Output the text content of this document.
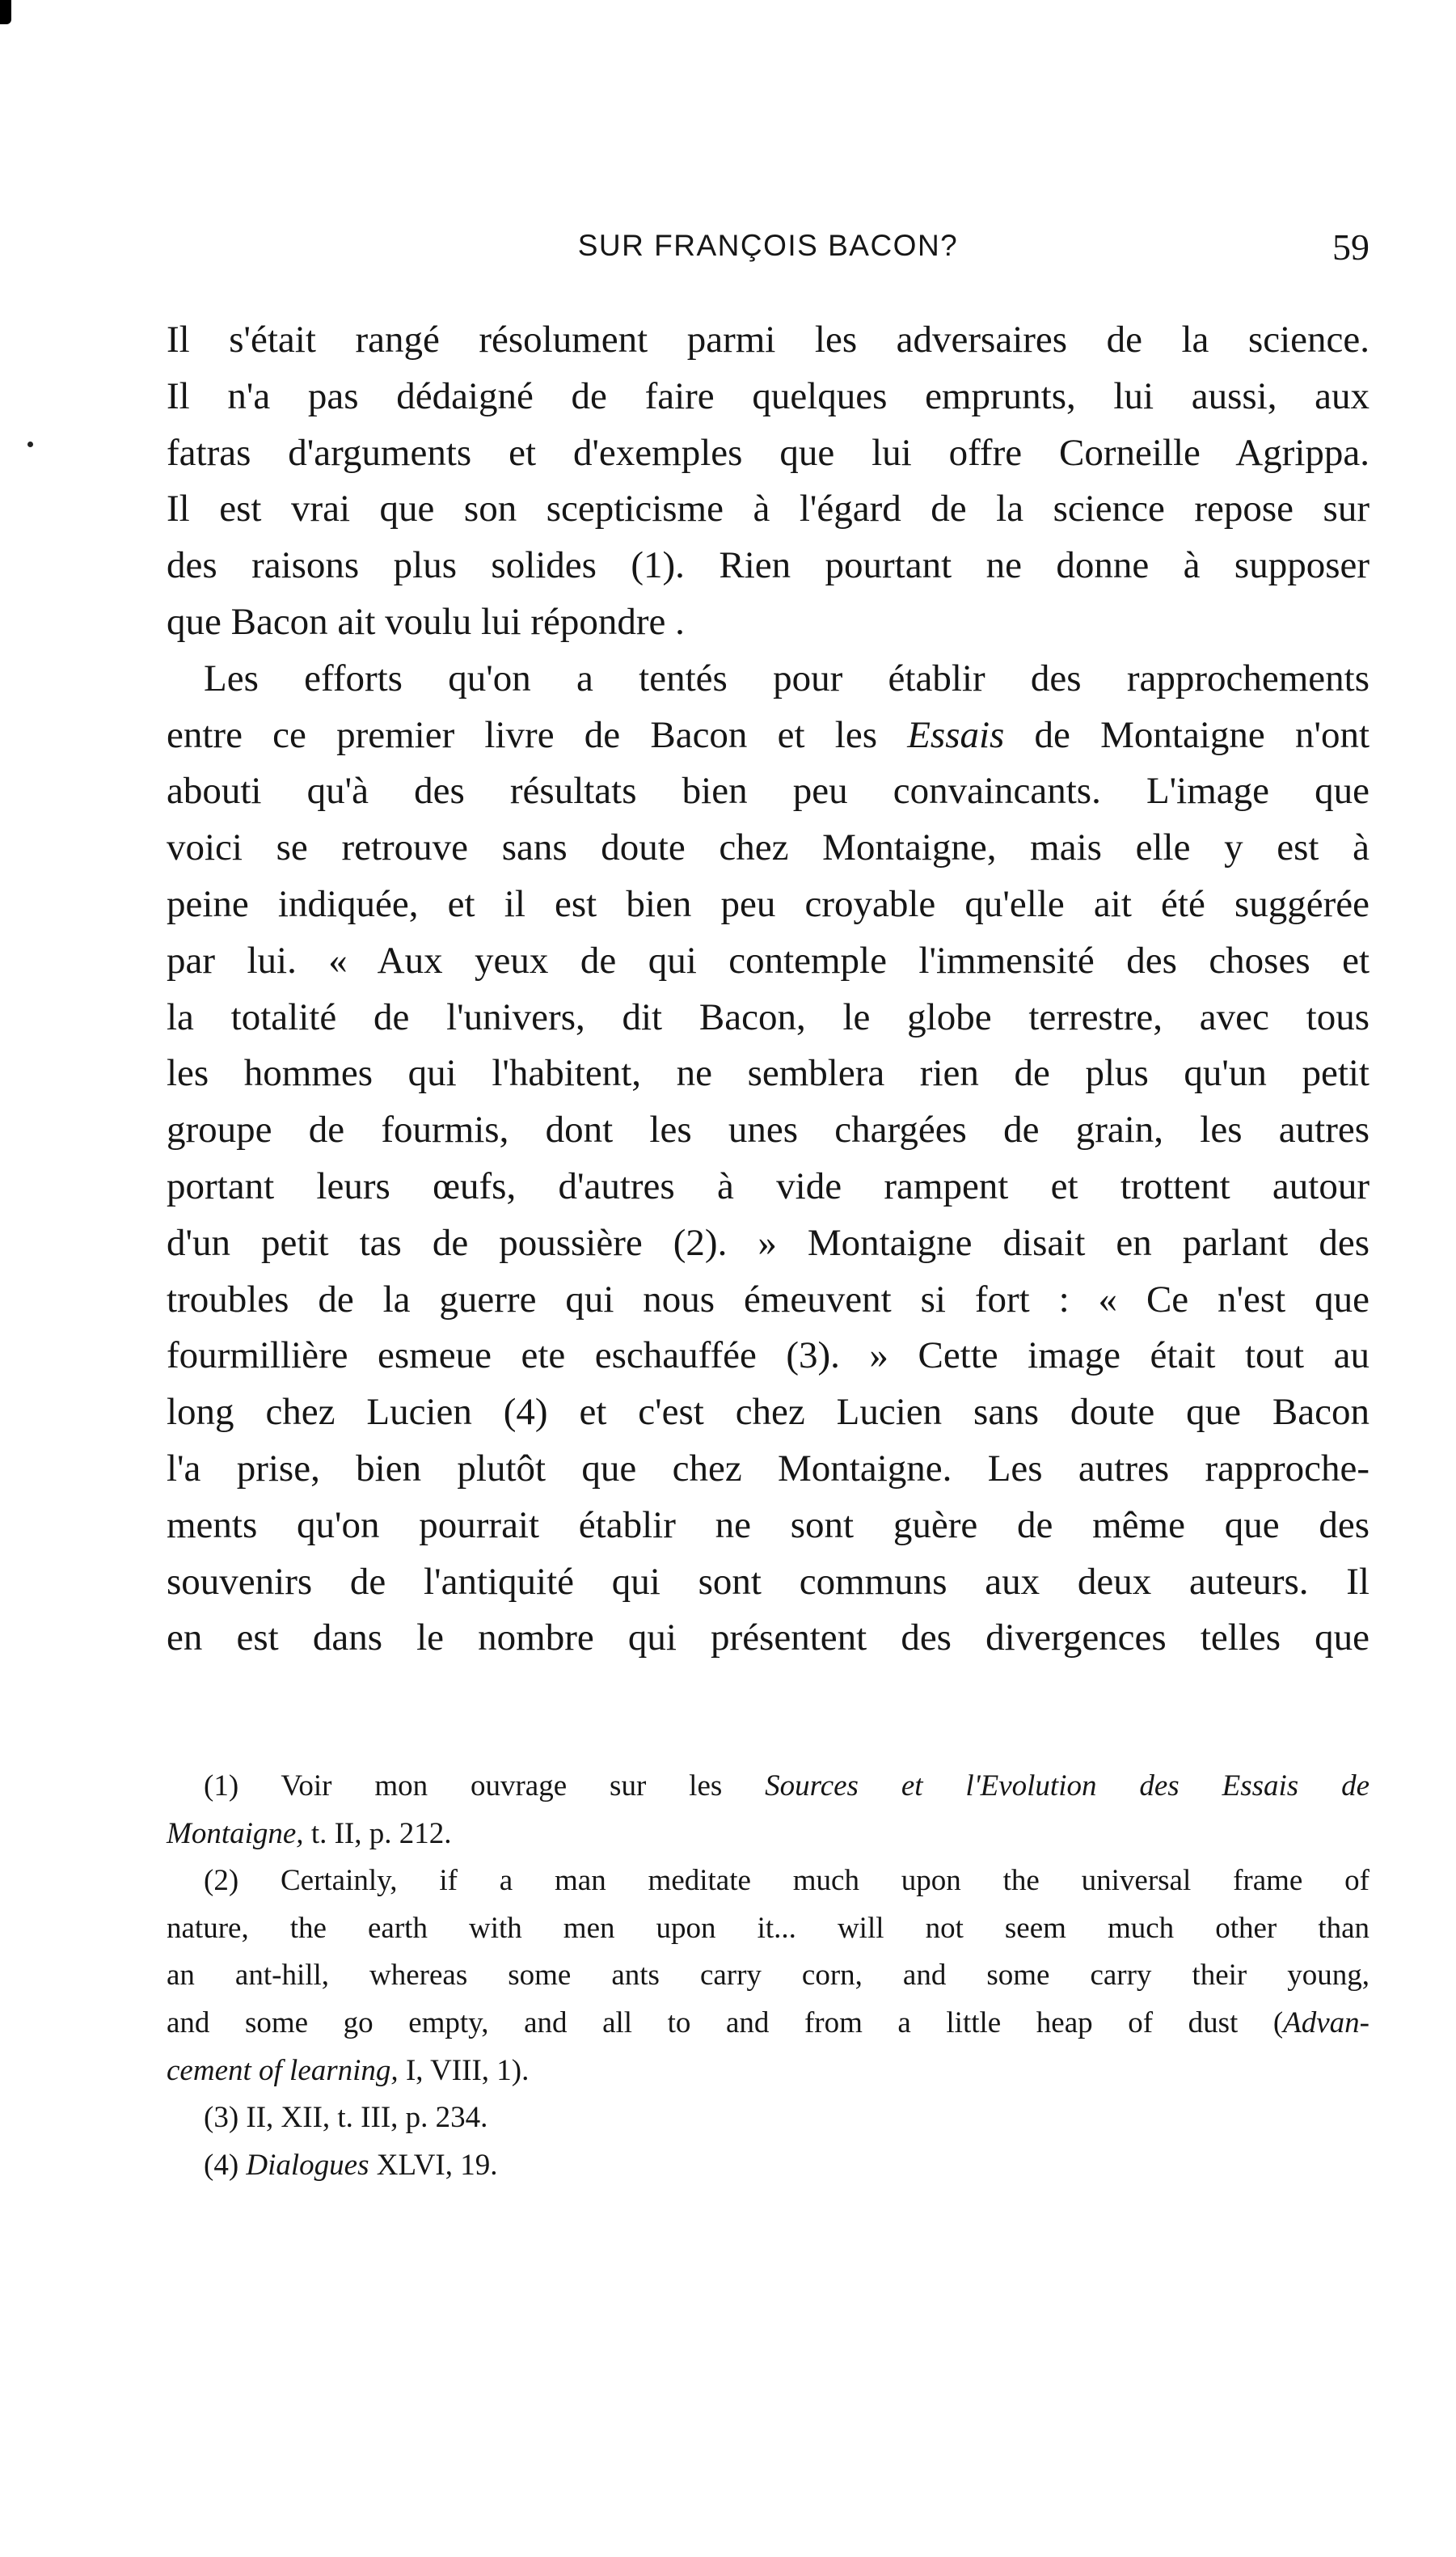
SUR FRANÇOIS BACON?	59
Il s'était rangé résolument parmi les adversaires de la science.
Il n'a pas dédaigné de faire quelques emprunts, lui aussi, aux
fatras d'arguments et d'exemples que lui offre Corneille Agrippa.
Il est vrai que son scepticisme à l'égard de la science repose sur
des raisons plus solides (1). Rien pourtant ne donne à supposer
que Bacon ait voulu lui répondre .
Les efforts qu'on a tentés pour établir des rapprochements
entre ce premier livre de Bacon et les Essais de Montaigne n'ont
abouti qu'à des résultats bien peu convaincants. L'image que
voici se retrouve sans doute chez Montaigne, mais elle y est à
peine indiquée, et il est bien peu croyable qu'elle ait été suggérée
par lui. « Aux yeux de qui contemple l'immensité des choses et
la totalité de l'univers, dit Bacon, le globe terrestre, avec tous
les hommes qui l'habitent, ne semblera rien de plus qu'un petit
groupe de fourmis, dont les unes chargées de grain, les autres
portant leurs œufs, d'autres à vide rampent et trottent autour
d'un petit tas de poussière (2). » Montaigne disait en parlant des
troubles de la guerre qui nous émeuvent si fort : « Ce n'est que
fourmillière esmeue ete eschauffée (3). » Cette image était tout au
long chez Lucien (4) et c'est chez Lucien sans doute que Bacon
l'a prise, bien plutôt que chez Montaigne. Les autres rapproche-
ments qu'on pourrait établir ne sont guère de même que des
souvenirs de l'antiquité qui sont communs aux deux auteurs. Il
en est dans le nombre qui présentent des divergences telles que
(1) Voir mon ouvrage sur les Sources et l'Evolution des Essais de
Montaigne, t. II, p. 212.
(2) Certainly, if a man meditate much upon the universal frame of
nature, the earth with men upon it... will not seem much other than
an ant-hill, whereas some ants carry corn, and some carry their young,
and some go empty, and all to and from a little heap of dust (Advan-
cement of learning, I, VIII, 1).
(3) II, XII, t. III, p. 234.
(4) Dialogues XLVI, 19.
